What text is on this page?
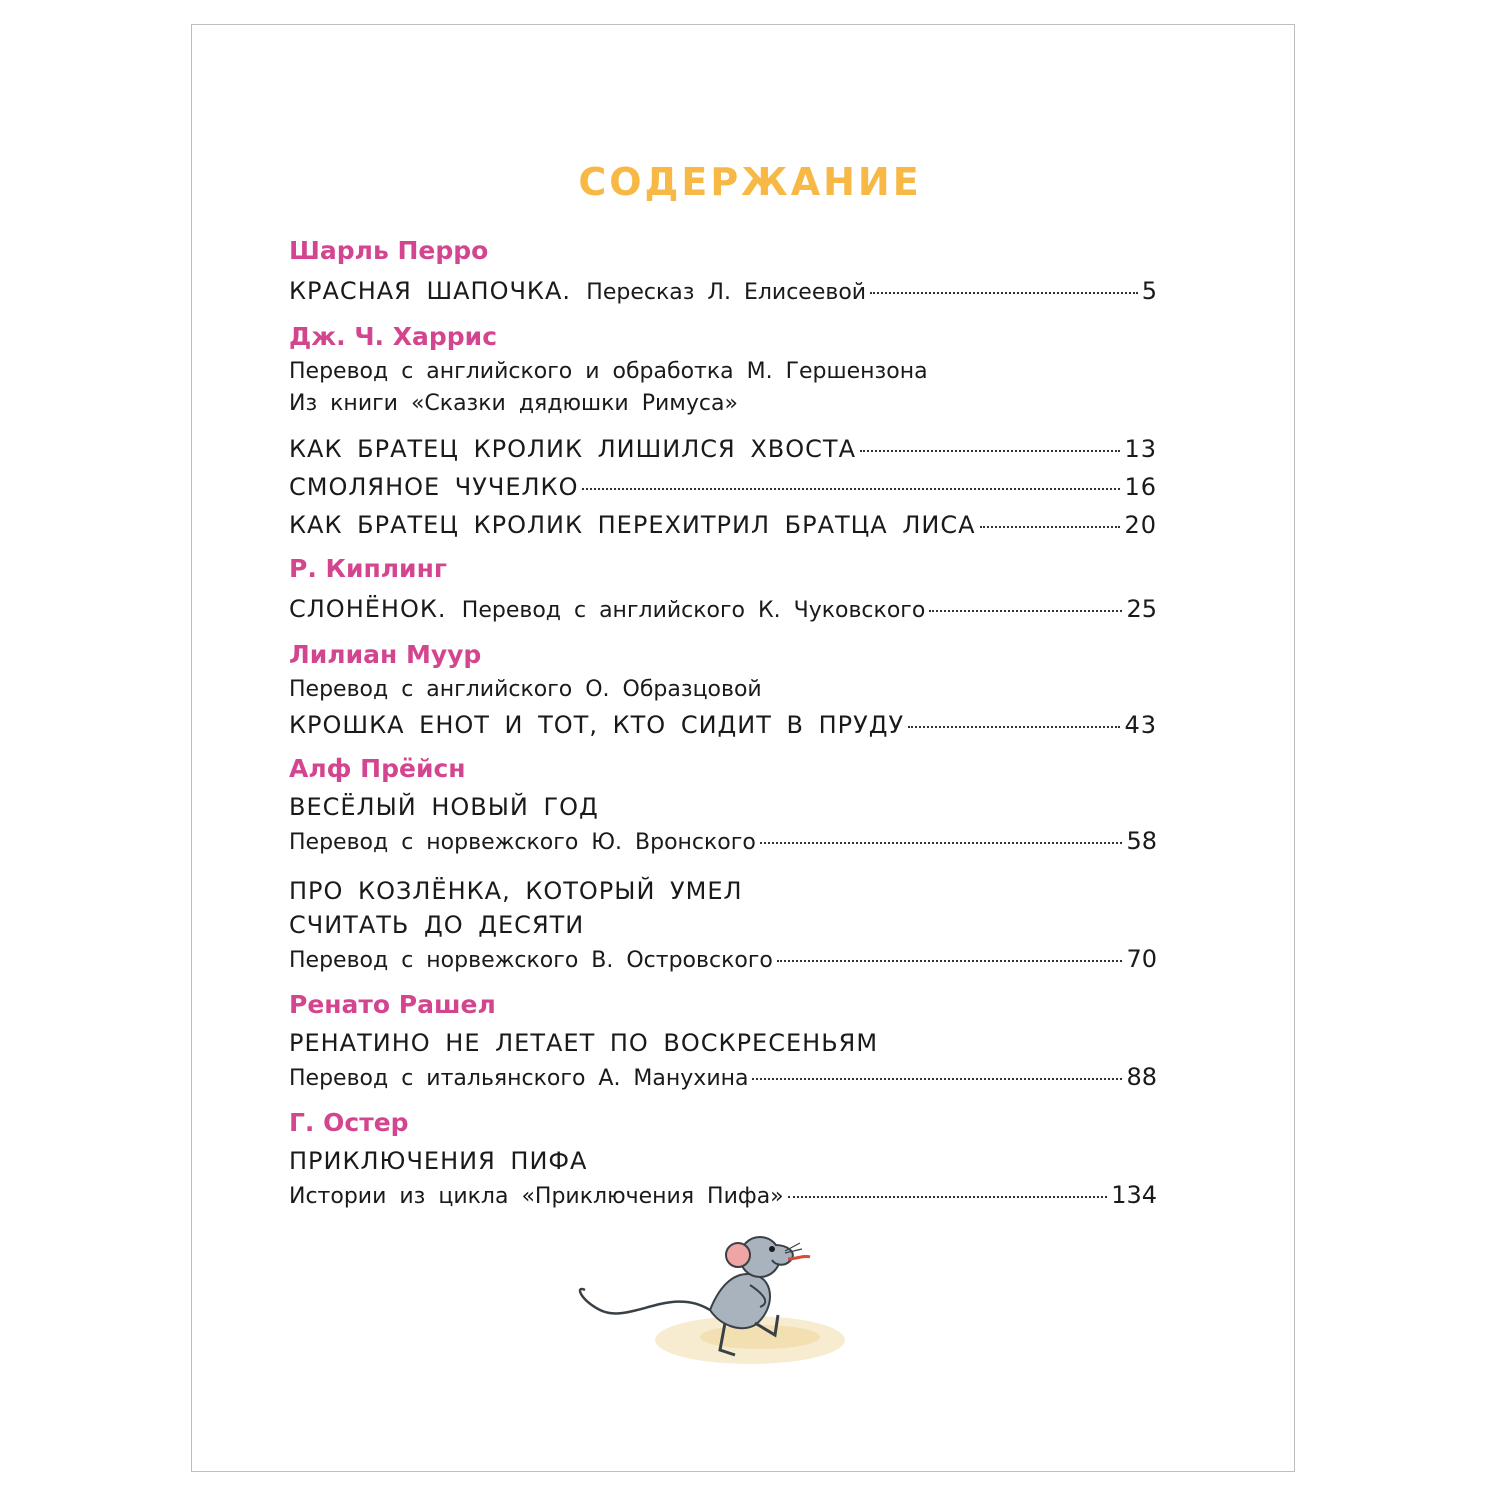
СОДЕРЖАНИЕ
Шарль Перро
КРАСНАЯ ШАПОЧКА. Пересказ Л. Елисеевой	5
Дж. Ч. Харрис
Перевод с английского и обработка М. Гершензона
Из книги «Сказки дядюшки Римуса»
КАК БРАТЕЦ КРОЛИК ЛИШИЛСЯ ХВОСТА	13
СМОЛЯНОЕ ЧУЧЕЛКО	16
КАК БРАТЕЦ КРОЛИК ПЕРЕХИТРИЛ БРАТЦА ЛИСА	20
Р. Киплинг
СЛОНЁНОК. Перевод с английского К. Чуковского	25
Лилиан Муур
Перевод с английского О. Образцовой
КРОШКА ЕНОТ И ТОТ, КТО СИДИТ В ПРУДУ	43
Алф Прёйсн
ВЕСЁЛЫЙ НОВЫЙ ГОД
Перевод с норвежского Ю. Вронского	58
ПРО КОЗЛЁНКА, КОТОРЫЙ УМЕЛ
СЧИТАТЬ ДО ДЕСЯТИ
Перевод с норвежского В. Островского	70
Ренато Рашел
РЕНАТИНО НЕ ЛЕТАЕТ ПО ВОСКРЕСЕНЬЯМ
Перевод с итальянского А. Манухина	88
Г. Остер
ПРИКЛЮЧЕНИЯ ПИФА
Истории из цикла «Приключения Пифа»	134
